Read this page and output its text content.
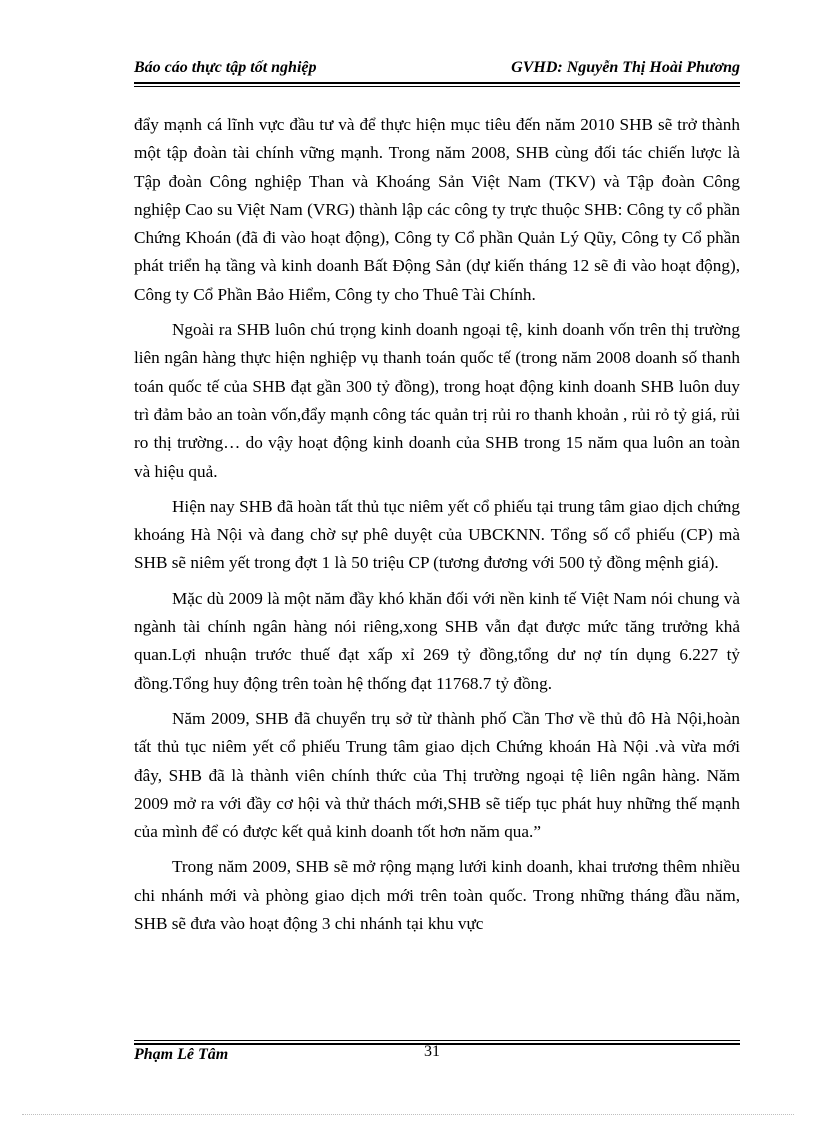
Báo cáo thực tập tốt nghiệp	GVHD: Nguyễn Thị Hoài Phương

đẩy mạnh cá lĩnh vực đầu tư và để thực hiện mục tiêu đến năm 2010 SHB sẽ trở thành một tập đoàn tài chính vững mạnh. Trong năm 2008, SHB cùng đối tác chiến lược là Tập đoàn Công nghiệp Than và Khoáng Sản Việt Nam (TKV) và Tập đoàn Công nghiệp Cao su Việt Nam (VRG) thành lập các công ty trực thuộc SHB: Công ty cổ phần Chứng Khoán (đã đi vào hoạt động), Công ty Cổ phần Quản Lý Qũy, Công ty Cổ phần phát triển hạ tầng và kinh doanh Bất Động Sản (dự kiến tháng 12 sẽ đi vào hoạt động), Công ty Cổ Phần Bảo Hiểm, Công ty cho Thuê Tài Chính.

Ngoài ra SHB luôn chú trọng kinh doanh ngoại tệ, kinh doanh vốn trên thị trường liên ngân hàng thực hiện nghiệp vụ thanh toán quốc tế (trong năm 2008 doanh số thanh toán quốc tế của SHB đạt gần 300 tỷ đồng), trong hoạt động kinh doanh SHB luôn duy trì đảm bảo an toàn vốn,đẩy mạnh công tác quản trị rủi ro thanh khoản , rủi rỏ tỷ giá, rủi ro thị trường… do vậy hoạt động kinh doanh của SHB trong 15 năm qua luôn an toàn và hiệu quả.

Hiện nay SHB đã hoàn tất thủ tục niêm yết cổ phiếu tại trung tâm giao dịch chứng khoáng Hà Nội và đang chờ sự phê duyệt của UBCKNN. Tổng số cổ phiếu (CP) mà SHB sẽ niêm yết trong đợt 1 là 50 triệu CP (tương đương với 500 tỷ đồng mệnh giá).

Mặc dù 2009 là một năm đầy khó khăn đối với nền kinh tế Việt Nam nói chung và ngành tài chính ngân hàng nói riêng,xong SHB vẫn đạt được mức tăng trưởng khả quan.Lợi nhuận trước thuế đạt xấp xỉ 269 tỷ đồng,tổng dư nợ tín dụng 6.227 tỷ đồng.Tổng huy động trên toàn hệ thống đạt 11768.7 tỷ đồng.

Năm 2009, SHB đã chuyển trụ sở từ thành phố Cần Thơ về thủ đô Hà Nội,hoàn tất thủ tục niêm yết cổ phiếu Trung tâm giao dịch Chứng khoán Hà Nội .và vừa mới đây, SHB đã là thành viên chính thức của Thị trường ngoại tệ liên ngân hàng. Năm 2009 mở ra với đầy cơ hội và thử thách mới,SHB sẽ tiếp tục phát huy những thế mạnh của mình để có được kết quả kinh doanh tốt hơn năm qua.”

Trong năm 2009, SHB sẽ mở rộng mạng lưới kinh doanh, khai trương thêm nhiều chi nhánh mới và phòng giao dịch mới trên toàn quốc. Trong những tháng đầu năm, SHB sẽ đưa vào hoạt động 3 chi nhánh tại khu vực

Phạm Lê Tâm	31
